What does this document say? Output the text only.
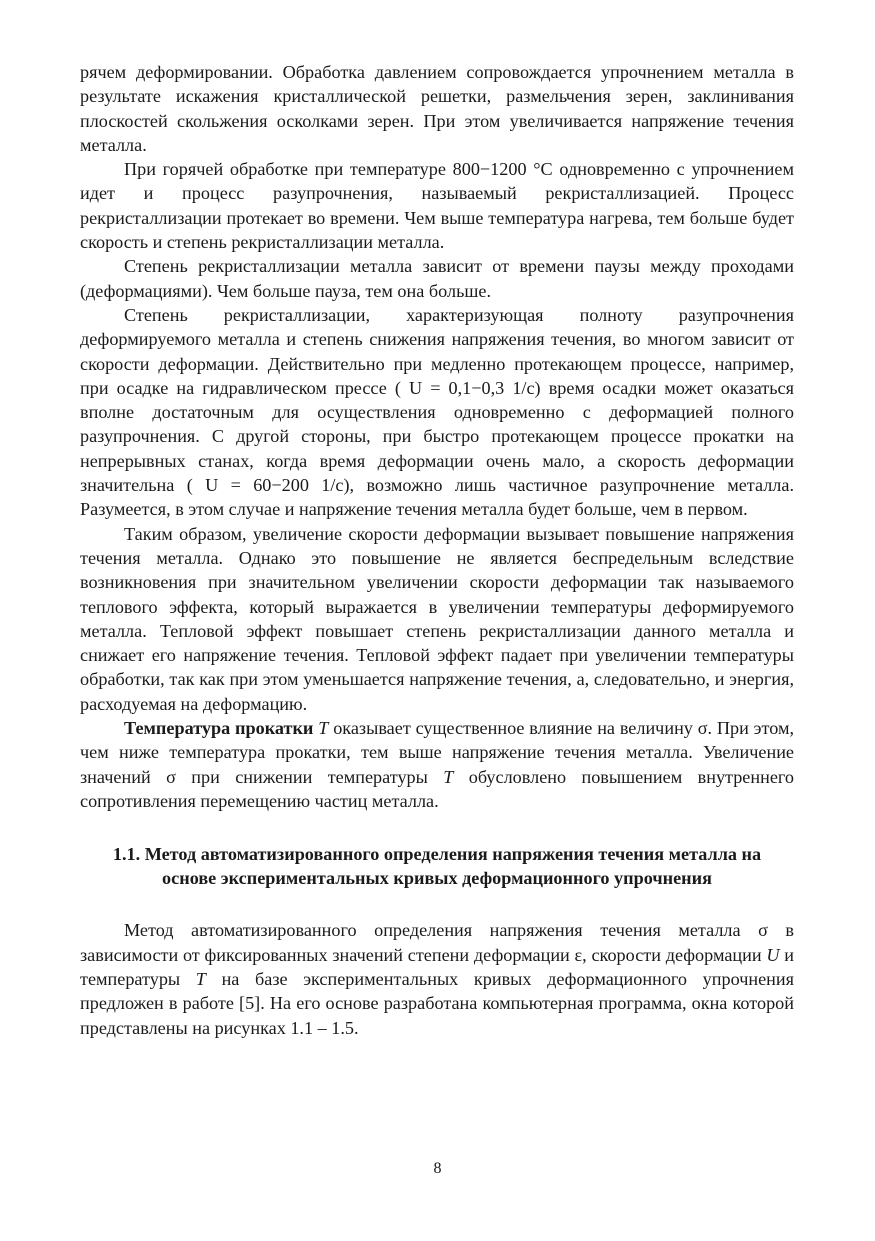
рячем деформировании. Обработка давлением сопровождается упрочнением металла в результате искажения кристаллической решетки, размельчения зерен, заклинивания плоскостей скольжения осколками зерен. При этом увеличивается напряжение течения металла.

При горячей обработке при температуре 800−1200 °С одновременно с упрочнением идет и процесс разупрочнения, называемый рекристаллизацией. Процесс рекристаллизации протекает во времени. Чем выше температура нагрева, тем больше будет скорость и степень рекристаллизации металла.

Степень рекристаллизации металла зависит от времени паузы между проходами (деформациями). Чем больше пауза, тем она больше.

Степень рекристаллизации, характеризующая полноту разупрочнения деформируемого металла и степень снижения напряжения течения, во многом зависит от скорости деформации. Действительно при медленно протекающем процессе, например, при осадке на гидравлическом прессе ( U = 0,1−0,3 1/с) время осадки может оказаться вполне достаточным для осуществления одновременно с деформацией полного разупрочнения. С другой стороны, при быстро протекающем процессе прокатки на непрерывных станах, когда время деформации очень мало, а скорость деформации значительна ( U = 60−200 1/с), возможно лишь частичное разупрочнение металла. Разумеется, в этом случае и напряжение течения металла будет больше, чем в первом.

Таким образом, увеличение скорости деформации вызывает повышение напряжения течения металла. Однако это повышение не является беспредельным вследствие возникновения при значительном увеличении скорости деформации так называемого теплового эффекта, который выражается в увеличении температуры деформируемого металла. Тепловой эффект повышает степень рекристаллизации данного металла и снижает его напряжение течения. Тепловой эффект падает при увеличении температуры обработки, так как при этом уменьшается напряжение течения, а, следовательно, и энергия, расходуемая на деформацию.

Температура прокатки T оказывает существенное влияние на величину σ. При этом, чем ниже температура прокатки, тем выше напряжение течения металла. Увеличение значений σ при снижении температуры T обусловлено повышением внутреннего сопротивления перемещению частиц металла.

1.1. Метод автоматизированного определения напряжения течения металла на основе экспериментальных кривых деформационного упрочнения

Метод автоматизированного определения напряжения течения металла σ в зависимости от фиксированных значений степени деформации ε, скорости деформации U и температуры T на базе экспериментальных кривых деформационного упрочнения предложен в работе [5]. На его основе разработана компьютерная программа, окна которой представлены на рисунках 1.1 – 1.5.

8
